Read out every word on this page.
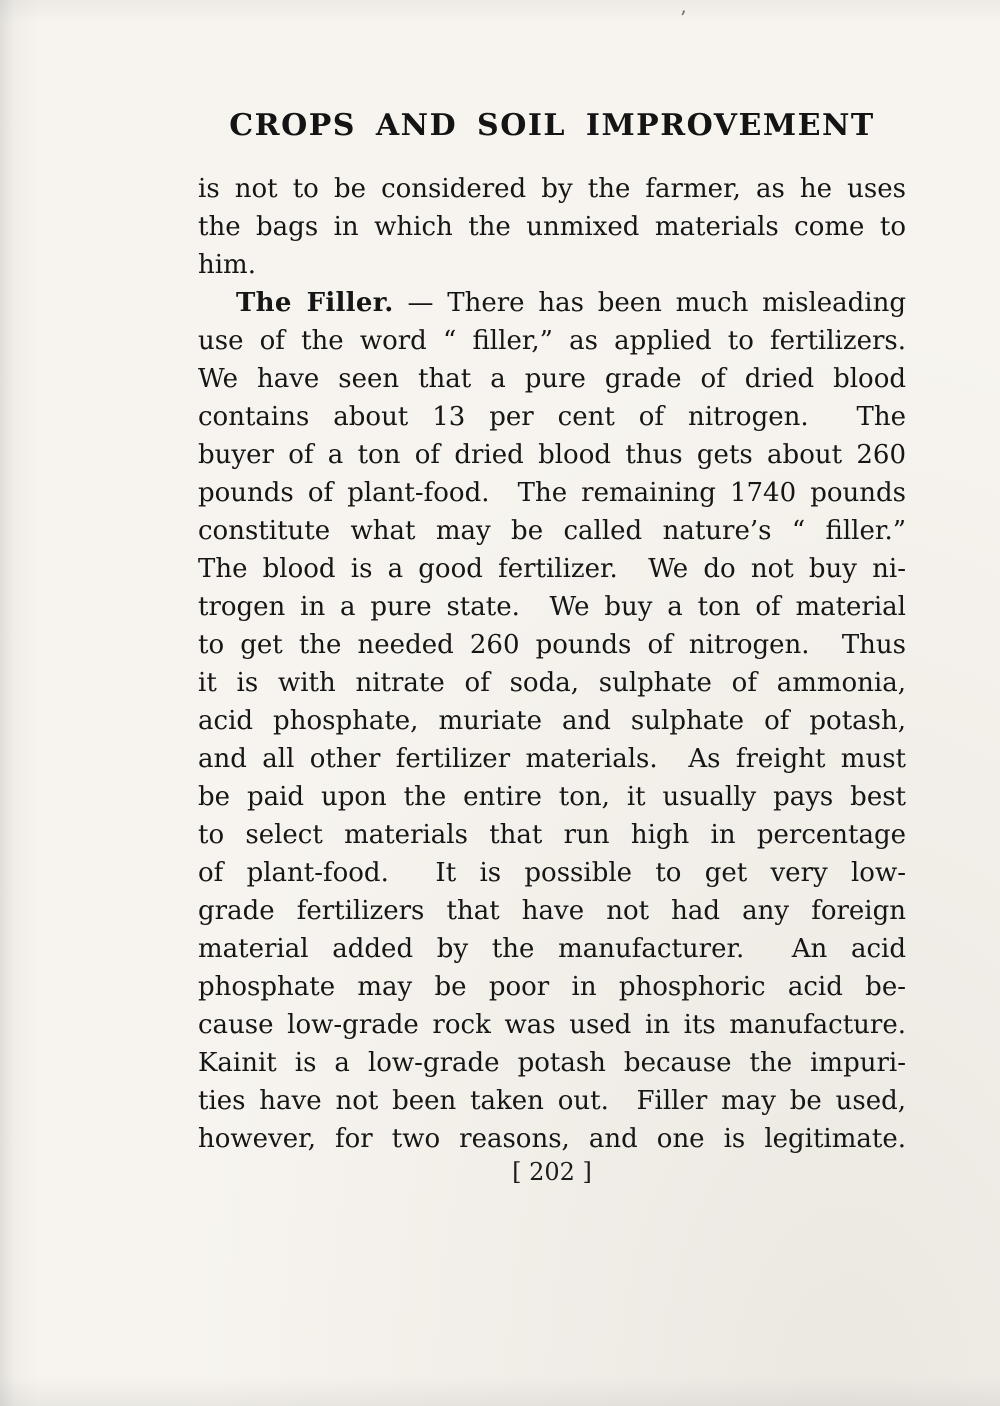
’
CROPS AND SOIL IMPROVEMENT
is not to be considered by the farmer, as he uses
the bags in which the unmixed materials come to
him.
The Filler. — There has been much misleading
use of the word “ filler,” as applied to fertilizers.
We have seen that a pure grade of dried blood
contains about 13 per cent of nitrogen.  The
buyer of a ton of dried blood thus gets about 260
pounds of plant-food.  The remaining 1740 pounds
constitute what may be called nature’s “ filler.”
The blood is a good fertilizer.  We do not buy ni-
trogen in a pure state.  We buy a ton of material
to get the needed 260 pounds of nitrogen.  Thus
it is with nitrate of soda, sulphate of ammonia,
acid phosphate, muriate and sulphate of potash,
and all other fertilizer materials.  As freight must
be paid upon the entire ton, it usually pays best
to select materials that run high in percentage
of plant-food.  It is possible to get very low-
grade fertilizers that have not had any foreign
material added by the manufacturer.  An acid
phosphate may be poor in phosphoric acid be-
cause low-grade rock was used in its manufacture.
Kainit is a low-grade potash because the impuri-
ties have not been taken out.  Filler may be used,
however, for two reasons, and one is legitimate.
[ 202 ]
